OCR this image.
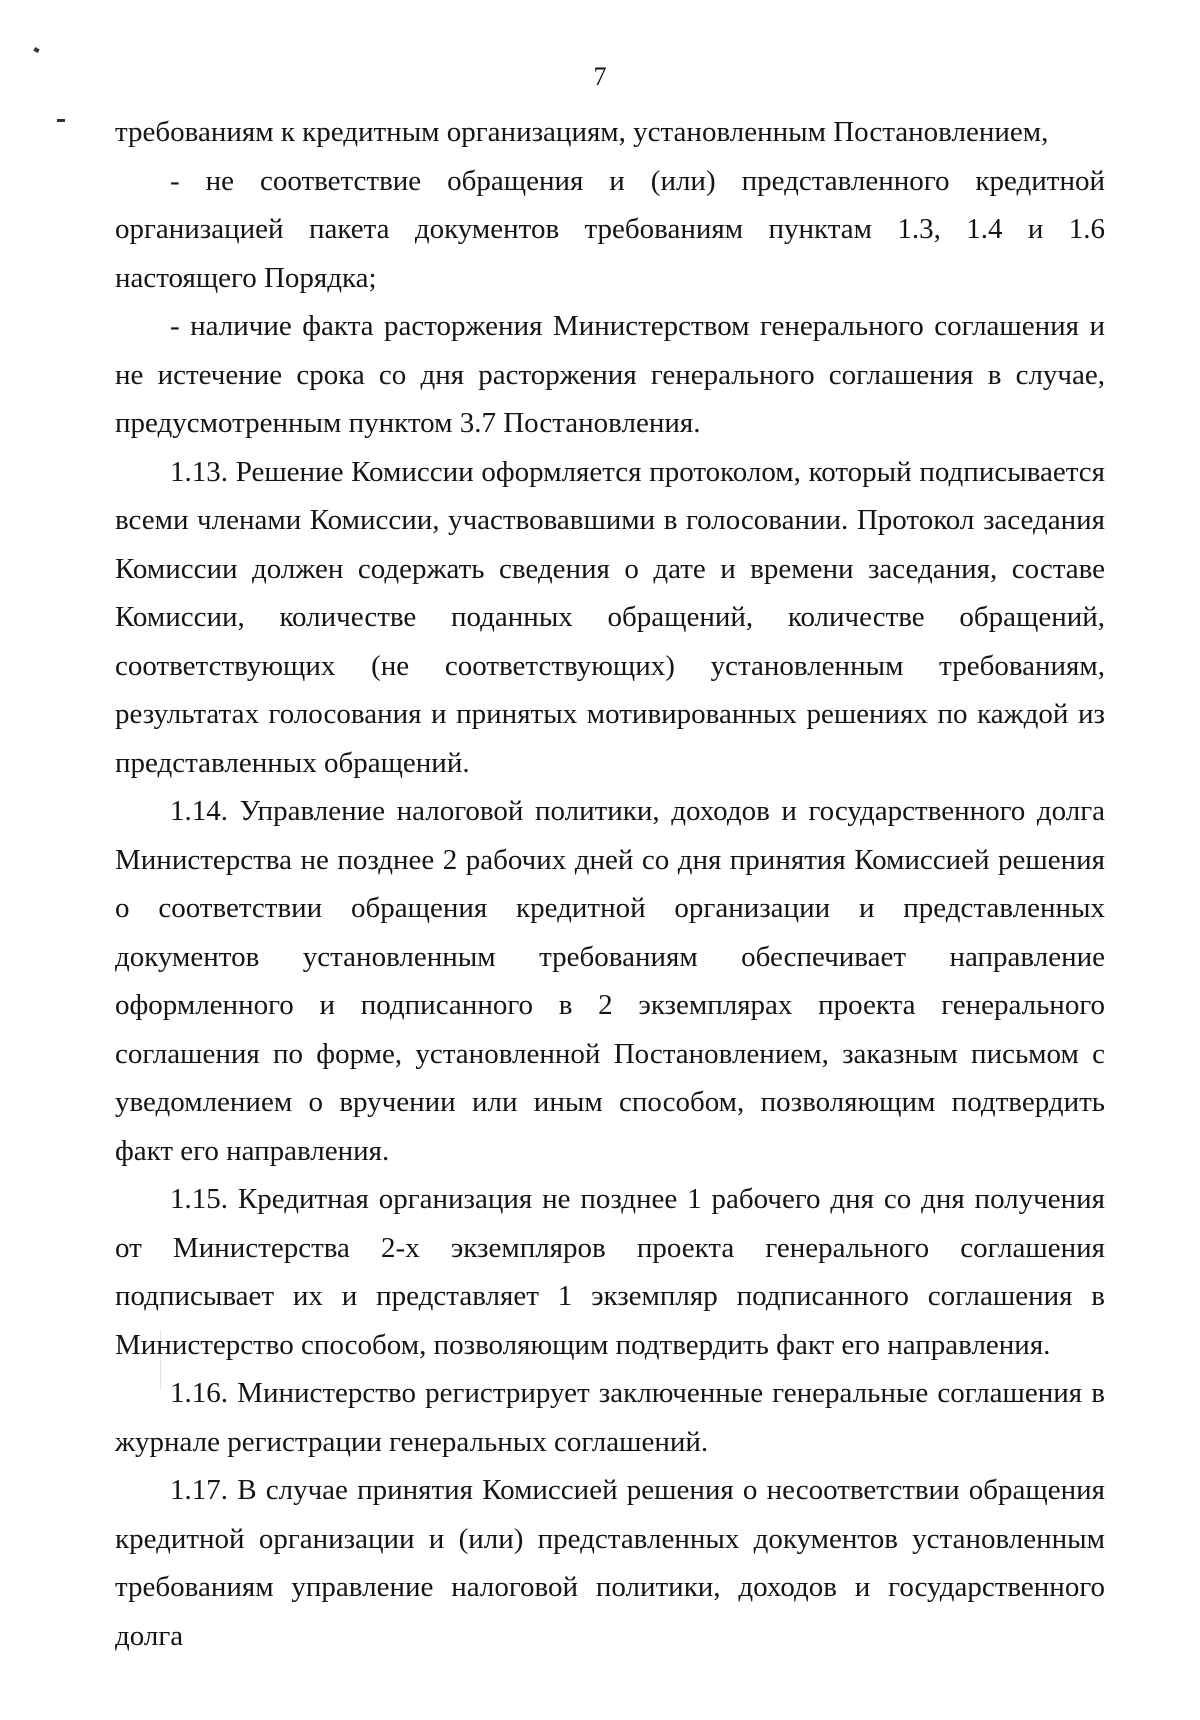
7

требованиям к кредитным организациям, установленным Постановлением,

- не соответствие обращения и (или) представленного кредитной организацией пакета документов требованиям пунктам 1.3, 1.4 и 1.6 настоящего Порядка;

- наличие факта расторжения Министерством генерального соглашения и не истечение срока со дня расторжения генерального соглашения в случае, предусмотренным пунктом 3.7 Постановления.

1.13. Решение Комиссии оформляется протоколом, который подписывается всеми членами Комиссии, участвовавшими в голосовании. Протокол заседания Комиссии должен содержать сведения о дате и времени заседания, составе Комиссии, количестве поданных обращений, количестве обращений, соответствующих (не соответствующих) установленным требованиям, результатах голосования и принятых мотивированных решениях по каждой из представленных обращений.

1.14. Управление налоговой политики, доходов и государственного долга Министерства не позднее 2 рабочих дней со дня принятия Комиссией решения о соответствии обращения кредитной организации и представленных документов установленным требованиям обеспечивает направление оформленного и подписанного в 2 экземплярах проекта генерального соглашения по форме, установленной Постановлением, заказным письмом с уведомлением о вручении или иным способом, позволяющим подтвердить факт его направления.

1.15. Кредитная организация не позднее 1 рабочего дня со дня получения от Министерства 2-х экземпляров проекта генерального соглашения подписывает их и представляет 1 экземпляр подписанного соглашения в Министерство способом, позволяющим подтвердить факт его направления.

1.16. Министерство регистрирует заключенные генеральные соглашения в журнале регистрации генеральных соглашений.

1.17. В случае принятия Комиссией решения о несоответствии обращения кредитной организации и (или) представленных документов установленным требованиям управление налоговой политики, доходов и государственного долга
